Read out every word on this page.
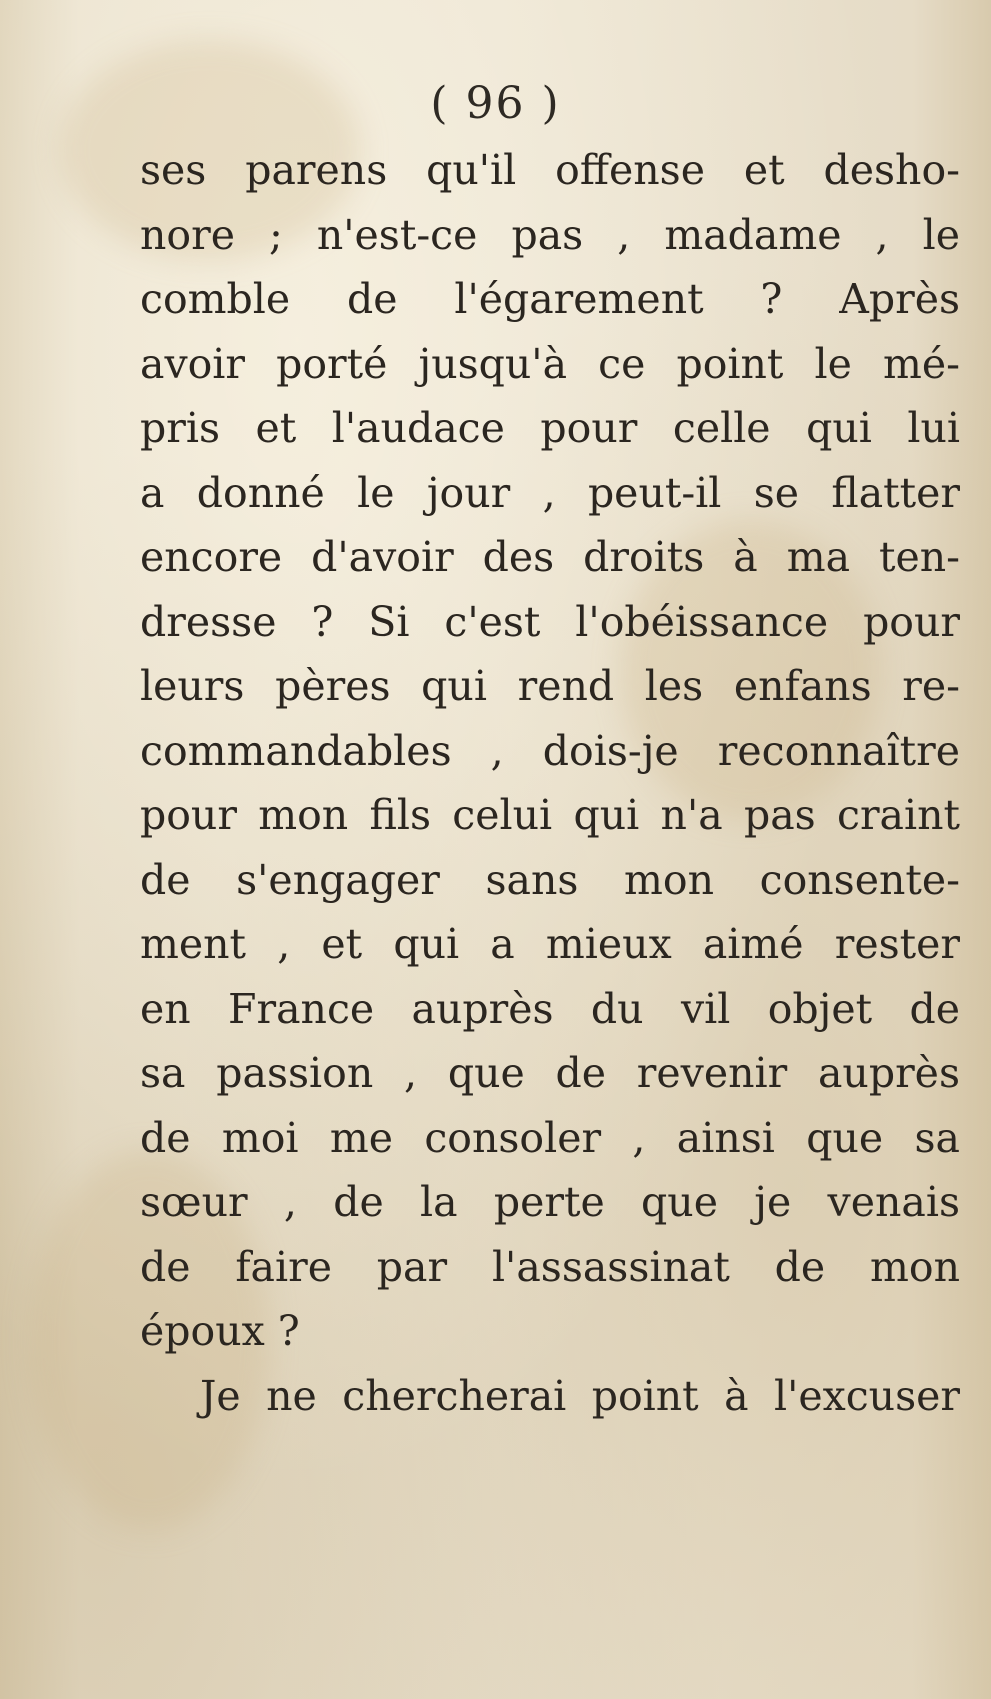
( 96 )
ses parens qu'il offense et desho-
nore ; n'est-ce pas , madame , le
comble de l'égarement ? Après
avoir porté jusqu'à ce point le mé-
pris et l'audace pour celle qui lui
a donné le jour , peut-il se flatter
encore d'avoir des droits à ma ten-
dresse ? Si c'est l'obéissance pour
leurs pères qui rend les enfans re-
commandables , dois-je reconnaître
pour mon fils celui qui n'a pas craint
de s'engager sans mon consente-
ment , et qui a mieux aimé rester
en France auprès du vil objet de
sa passion , que de revenir auprès
de moi me consoler , ainsi que sa
sœur , de la perte que je venais
de faire par l'assassinat de mon
époux ?
Je ne chercherai point à l'excuser
